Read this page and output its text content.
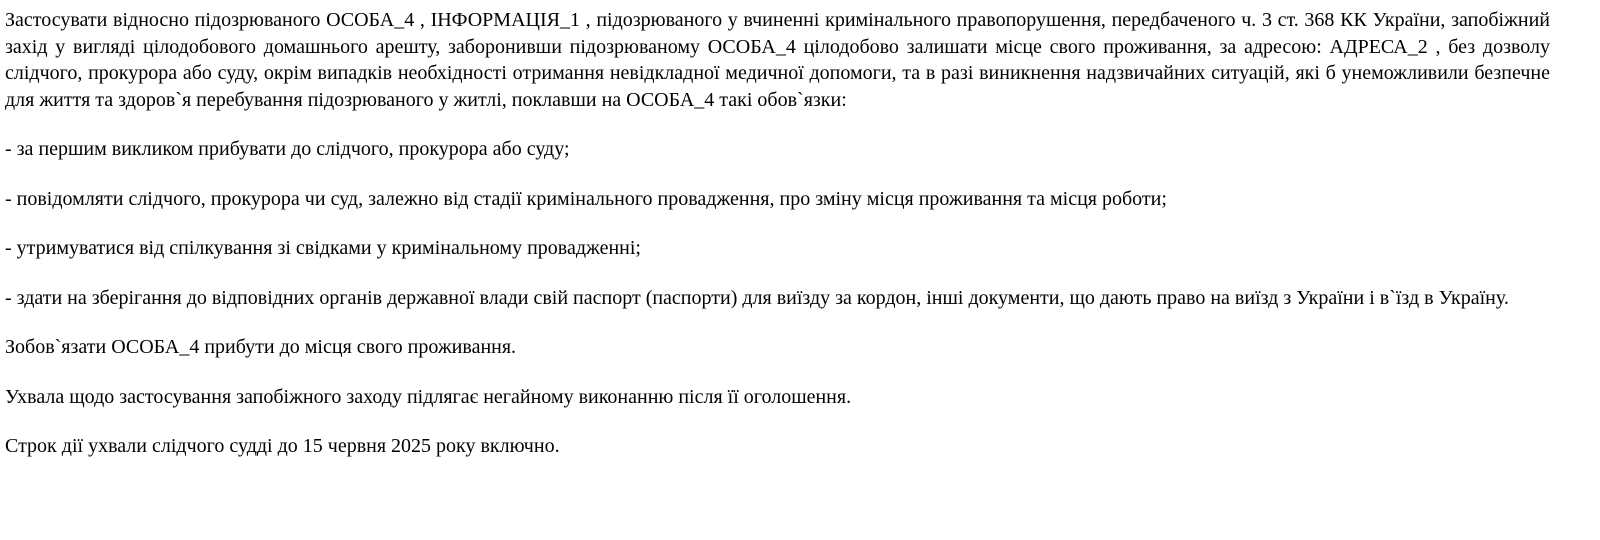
Застосувати відносно підозрюваного ОСОБА_4 , ІНФОРМАЦІЯ_1 , підозрюваного у вчиненні кримінального правопорушення, передбаченого ч. 3 ст. 368 КК України, запобіжний захід у вигляді цілодобового домашнього арешту, заборонивши підозрюваному ОСОБА_4 цілодобово залишати місце свого проживання, за адресою: АДРЕСА_2 , без дозволу слідчого, прокурора або суду, окрім випадків необхідності отримання невідкладної медичної допомоги, та в разі виникнення надзвичайних ситуацій, які б унеможливили безпечне для життя та здоров`я перебування підозрюваного у житлі, поклавши на ОСОБА_4 такі обов`язки:

- за першим викликом прибувати до слідчого, прокурора або суду;

- повідомляти слідчого, прокурора чи суд, залежно від стадії кримінального провадження, про зміну місця проживання та місця роботи;

- утримуватися від спілкування зі свідками у кримінальному провадженні;

- здати на зберігання до відповідних органів державної влади свій паспорт (паспорти) для виїзду за кордон, інші документи, що дають право на виїзд з України і в`їзд в Україну.

Зобов`язати ОСОБА_4 прибути до місця свого проживання.

Ухвала щодо застосування запобіжного заходу підлягає негайному виконанню після її оголошення.

Строк дії ухвали слідчого судді до 15 червня 2025 року включно.
